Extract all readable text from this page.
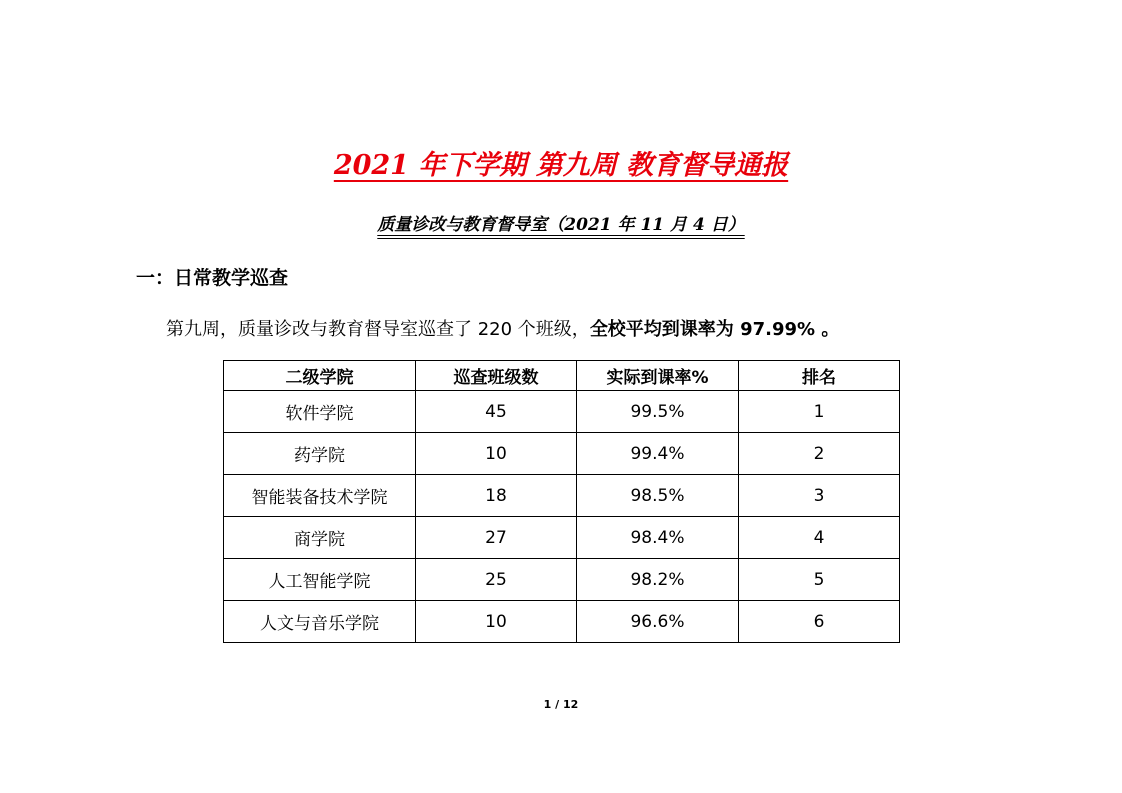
2021 年下学期 第九周 教育督导通报
质量诊改与教育督导室（2021 年 11 月 4 日）
一：日常教学巡查
第九周，质量诊改与教育督导室巡查了 220 个班级，全校平均到课率为 97.99% 。
二级学院	巡查班级数	实际到课率%	排名
软件学院	45	99.5%	1
药学院	10	99.4%	2
智能装备技术学院	18	98.5%	3
商学院	27	98.4%	4
人工智能学院	25	98.2%	5
人文与音乐学院	10	96.6%	6
1 / 12
